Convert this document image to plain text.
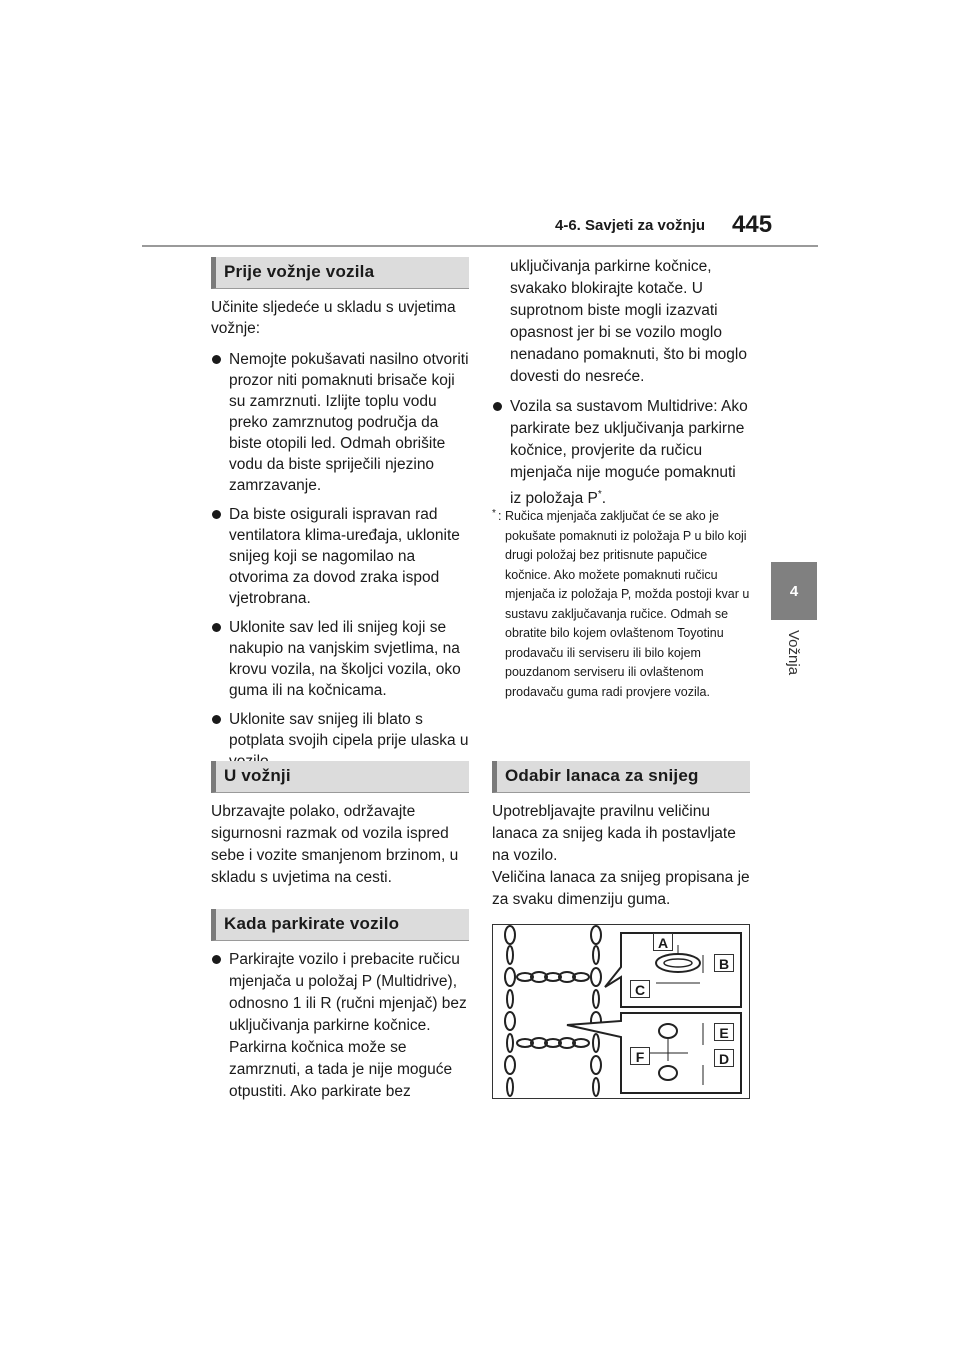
4-6. Savjeti za vožnju 445
4
Vožnja
Prije vožnje vozila

Učinite sljedeće u skladu s uvjetima vožnje:

Nemojte pokušavati nasilno otvoriti prozor niti pomaknuti brisače koji su zamrznuti. Izlijte toplu vodu preko zamrznutog područja da biste otopili led. Odmah obrišite vodu da biste spriječili njezino zamrzavanje.
Da biste osigurali ispravan rad ventilatora klima-uređaja, uklonite snijeg koji se nagomilao na otvorima za dovod zraka ispod vjetrobrana.
Uklonite sav led ili snijeg koji se nakupio na vanjskim svjetlima, na krovu vozila, na školjci vozila, oko guma ili na kočnicama.
Uklonite sav snijeg ili blato s potplata svojih cipela prije ulaska u
U vožnji

Ubrzavajte polako, održavajte sigurnosni razmak od vozila ispred sebe i vozite smanjenom brzinom, u skladu s uvjetima na cesti.

Kada parkirate vozilo
Parkirajte vozilo i prebacite ručicu mjenjača u položaj P (Multidrive), odnosno 1 ili R (ručni mjenjač) bez uključivanja parkirne kočnice. Parkirna kočnica može se zamrznuti, a tada je nije moguće otpustiti. Ako parkirate bez

uključivanja parkirne kočnice, svakako blokirajte kotače. U suprotnom biste mogli izazvati opasnost jer bi se vozilo moglo nenadano pomaknuti, što bi moglo dovesti do nesreće.

Vozila sa sustavom Multidrive: Ako parkirate bez uključivanja parkirne kočnice, provjerite da ručicu mjenjača nije moguće pomaknuti iz položaja P*.
* : Ručica mjenjača zaključat će se ako je pokušate pomaknuti iz položaja P u bilo koji drugi položaj bez pritisnute papučice kočnice. Ako možete pomaknuti ručicu mjenjača iz položaja P, možda postoji kvar u sustavu zaključavanja ručice. Odmah se obratite bilo kojem ovlaštenom Toyotinu prodavaču ili serviseru ili bilo kojem pouzdanom serviseru ili ovlaštenom prodavaču guma radi provjere vozila.

Odabir lanaca za snijeg

Upotrebljavajte pravilnu veličinu lanaca za snijeg kada ih postavljate na vozilo.

Veličina lanaca za snijeg propisana je za svaku dimenziju guma.

A
B
C
E
F	D
